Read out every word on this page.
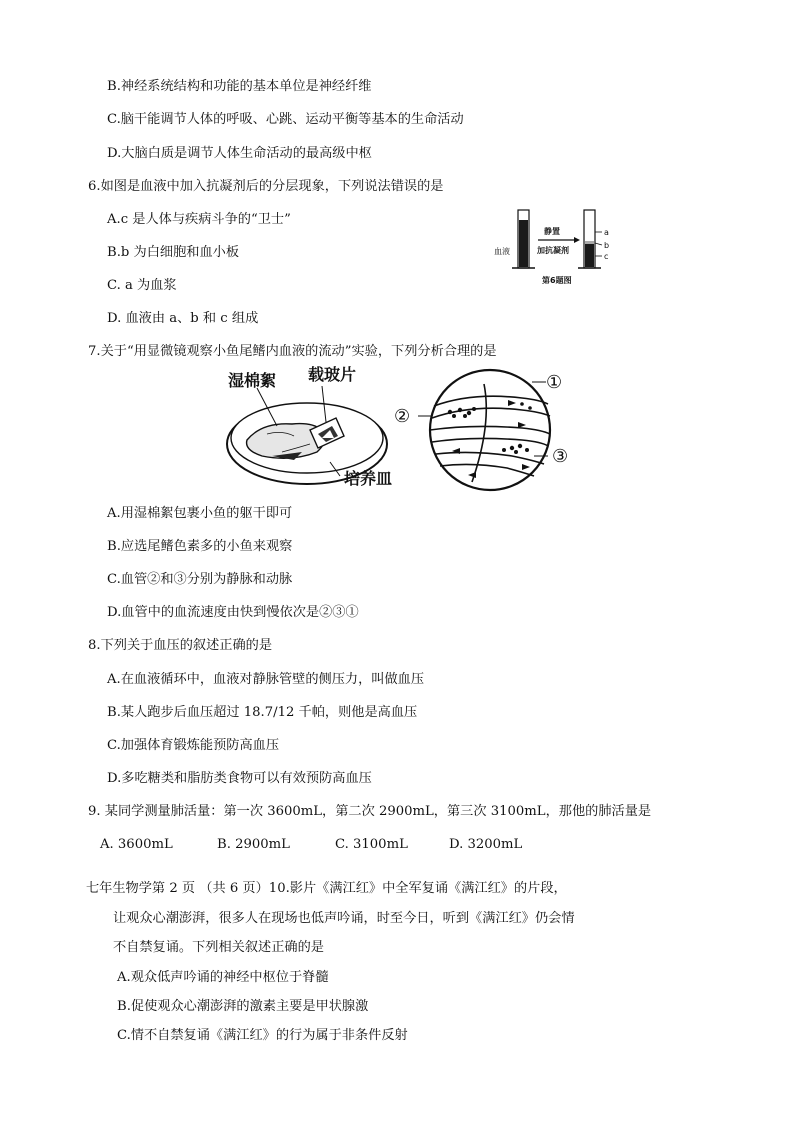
B.神经系统结构和功能的基本单位是神经纤维
C.脑干能调节人体的呼吸、心跳、运动平衡等基本的生命活动
D.大脑白质是调节人体生命活动的最高级中枢
6.如图是血液中加入抗凝剂后的分层现象，下列说法错误的是
A.c 是人体与疾病斗争的“卫士”
B.b 为白细胞和血小板
C. a 为血浆
D. 血液由 a、b 和 c 组成
血液
静置
加抗凝剂
a
b
c
第6题图
7.关于“用显微镜观察小鱼尾鳍内血液的流动”实验，下列分析合理的是
湿棉絮 载玻片
培养皿
①
②
③
A.用湿棉絮包裹小鱼的躯干即可
B.应选尾鳍色素多的小鱼来观察
C.血管②和③分别为静脉和动脉
D.血管中的血流速度由快到慢依次是②③①
8.下列关于血压的叙述正确的是
A.在血液循环中，血液对静脉管壁的侧压力，叫做血压
B.某人跑步后血压超过 18.7/12 千帕，则他是高血压
C.加强体育锻炼能预防高血压
D.多吃糖类和脂肪类食物可以有效预防高血压
9. 某同学测量肺活量：第一次 3600mL，第二次 2900mL，第三次 3100mL，那他的肺活量是
A. 3600mL	B. 2900mL	C. 3100mL	D. 3200mL
七年生物学第 2 页 （共 6 页）10.影片《满江红》中全军复诵《满江红》的片段，
让观众心潮澎湃，很多人在现场也低声吟诵，时至今日，听到《满江红》仍会情
不自禁复诵。下列相关叙述正确的是
A.观众低声吟诵的神经中枢位于脊髓
B.促使观众心潮澎湃的激素主要是甲状腺激
C.情不自禁复诵《满江红》的行为属于非条件反射
